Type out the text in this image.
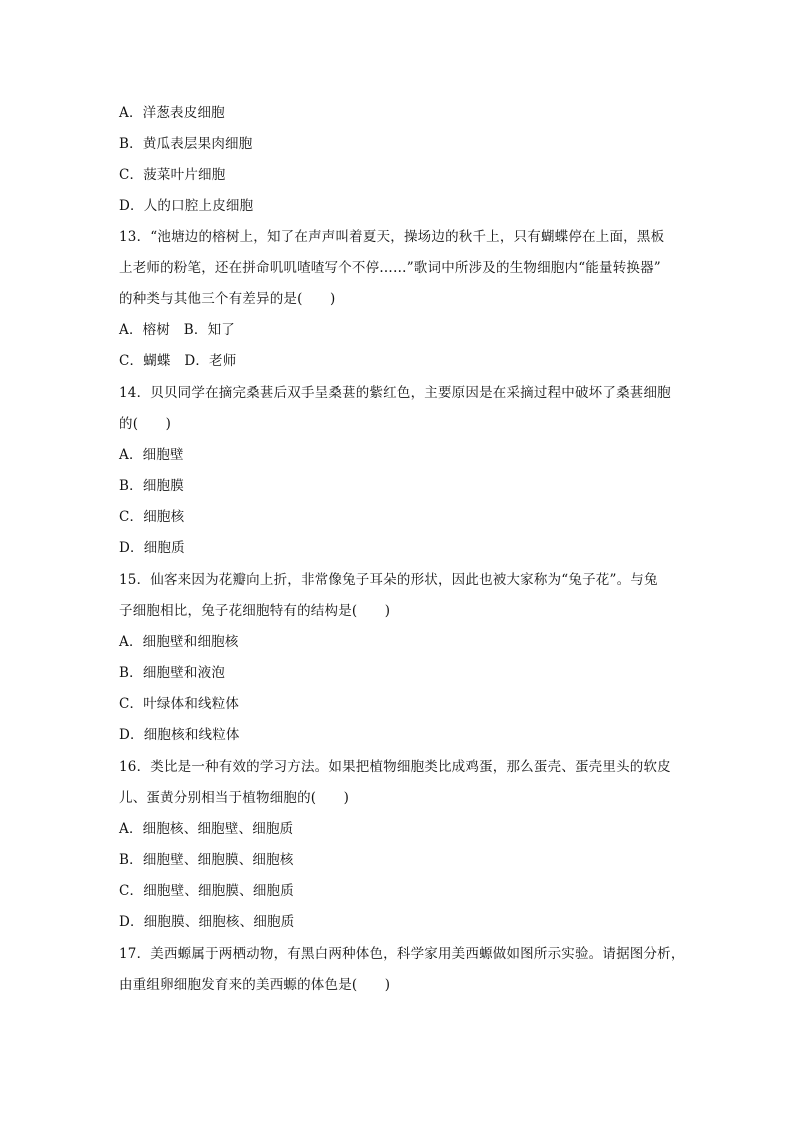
A．洋葱表皮细胞
B．黄瓜表层果肉细胞
C．菠菜叶片细胞
D．人的口腔上皮细胞
13．“池塘边的榕树上，知了在声声叫着夏天，操场边的秋千上，只有蝴蝶停在上面，黑板
上老师的粉笔，还在拼命叽叽喳喳写个不停……”歌词中所涉及的生物细胞内“能量转换器”
的种类与其他三个有差异的是(　　)
A．榕树　B．知了
C．蝴蝶　D．老师
14．贝贝同学在摘完桑葚后双手呈桑葚的紫红色，主要原因是在采摘过程中破坏了桑葚细胞
的(　　)
A．细胞壁
B．细胞膜
C．细胞核
D．细胞质
15．仙客来因为花瓣向上折，非常像兔子耳朵的形状，因此也被大家称为“兔子花”。与兔
子细胞相比，兔子花细胞特有的结构是(　　)
A．细胞壁和细胞核
B．细胞壁和液泡
C．叶绿体和线粒体
D．细胞核和线粒体
16．类比是一种有效的学习方法。如果把植物细胞类比成鸡蛋，那么蛋壳、蛋壳里头的软皮
儿、蛋黄分别相当于植物细胞的(　　)
A．细胞核、细胞壁、细胞质
B．细胞壁、细胞膜、细胞核
C．细胞壁、细胞膜、细胞质
D．细胞膜、细胞核、细胞质
17．美西螈属于两栖动物，有黑白两种体色，科学家用美西螈做如图所示实验。请据图分析，
由重组卵细胞发育来的美西螈的体色是(　　)
